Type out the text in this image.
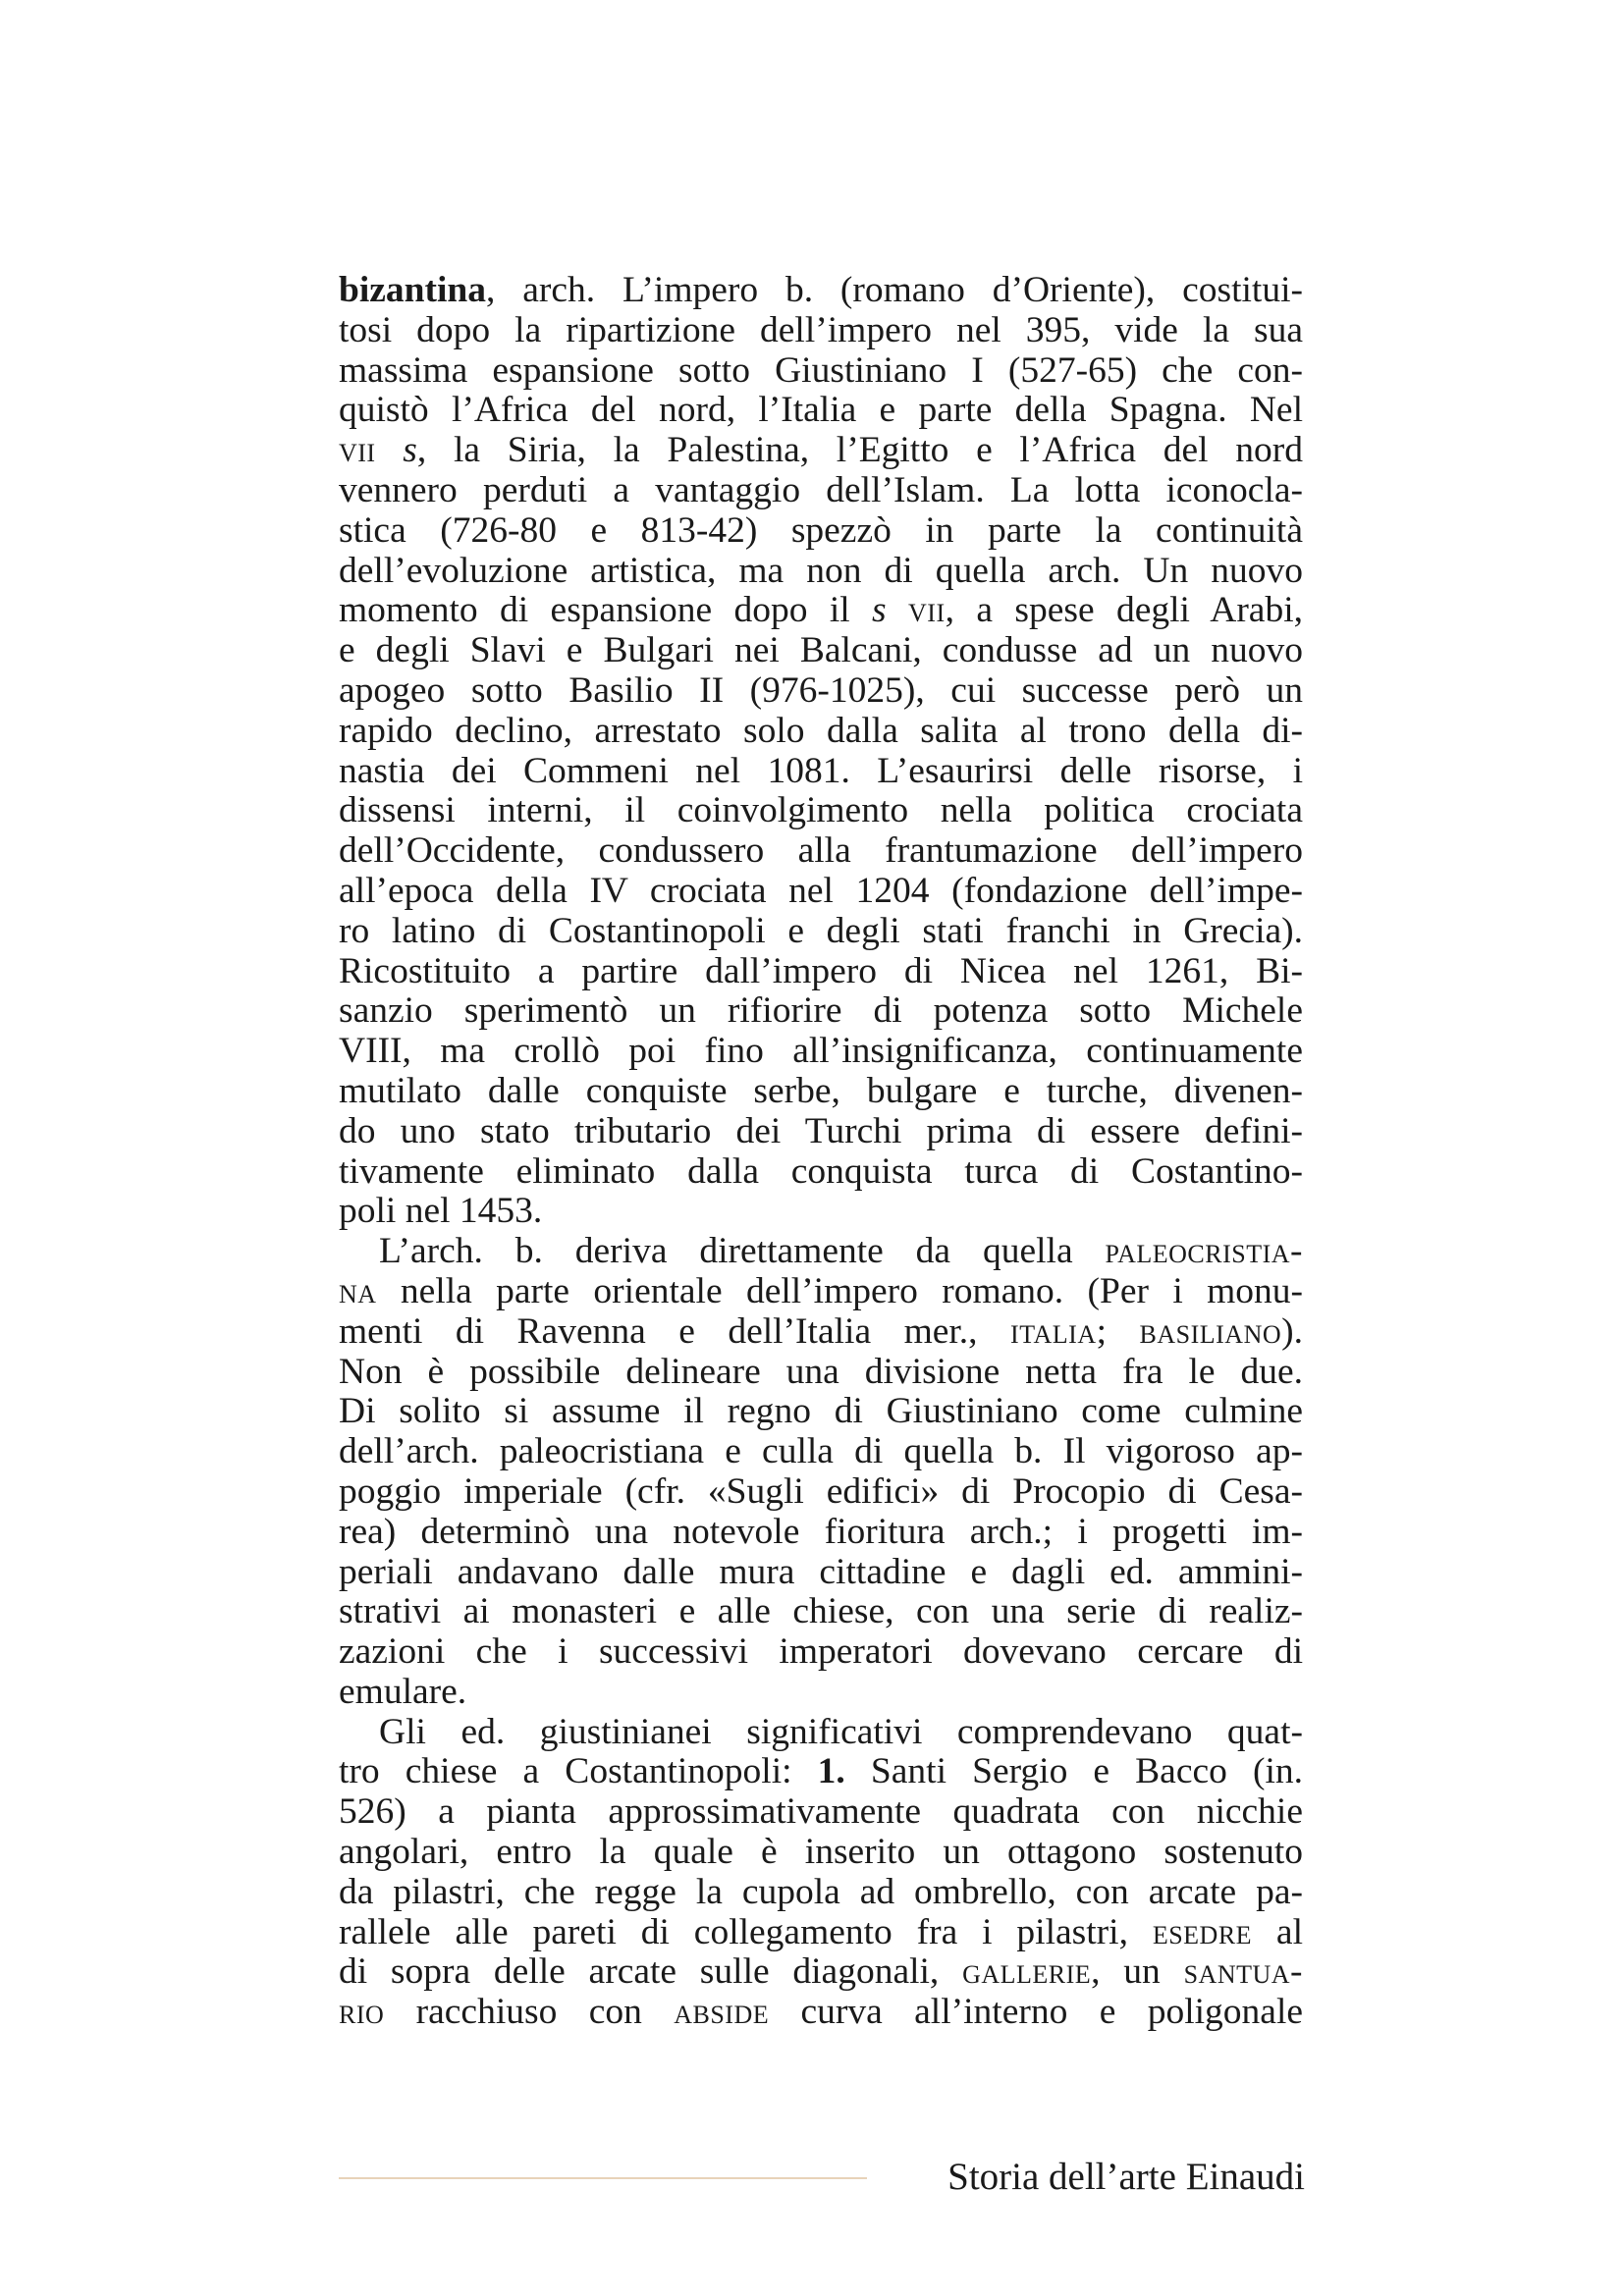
bizantina, arch. L’impero b. (romano d’Oriente), costitui-
tosi dopo la ripartizione dell’impero nel 395, vide la sua
massima espansione sotto Giustiniano I (527-65) che con-
quistò l’Africa del nord, l’Italia e parte della Spagna. Nel
vii s, la Siria, la Palestina, l’Egitto e l’Africa del nord
vennero perduti a vantaggio dell’Islam. La lotta iconocla-
stica (726-80 e 813-42) spezzò in parte la continuità
dell’evoluzione artistica, ma non di quella arch. Un nuovo
momento di espansione dopo il s vii, a spese degli Arabi,
e degli Slavi e Bulgari nei Balcani, condusse ad un nuovo
apogeo sotto Basilio II (976-1025), cui successe però un
rapido declino, arrestato solo dalla salita al trono della di-
nastia dei Commeni nel 1081. L’esaurirsi delle risorse, i
dissensi interni, il coinvolgimento nella politica crociata
dell’Occidente, condussero alla frantumazione dell’impero
all’epoca della IV crociata nel 1204 (fondazione dell’impe-
ro latino di Costantinopoli e degli stati franchi in Grecia).
Ricostituito a partire dall’impero di Nicea nel 1261, Bi-
sanzio sperimentò un rifiorire di potenza sotto Michele
VIII, ma crollò poi fino all’insignificanza, continuamente
mutilato dalle conquiste serbe, bulgare e turche, divenen-
do uno stato tributario dei Turchi prima di essere defini-
tivamente eliminato dalla conquista turca di Costantino-
poli nel 1453.
L’arch. b. deriva direttamente da quella paleocristia-
na nella parte orientale dell’impero romano. (Per i monu-
menti di Ravenna e dell’Italia mer., italia; basiliano).
Non è possibile delineare una divisione netta fra le due.
Di solito si assume il regno di Giustiniano come culmine
dell’arch. paleocristiana e culla di quella b. Il vigoroso ap-
poggio imperiale (cfr. «Sugli edifici» di Procopio di Cesa-
rea) determinò una notevole fioritura arch.; i progetti im-
periali andavano dalle mura cittadine e dagli ed. ammini-
strativi ai monasteri e alle chiese, con una serie di realiz-
zazioni che i successivi imperatori dovevano cercare di
emulare.
Gli ed. giustinianei significativi comprendevano quat-
tro chiese a Costantinopoli: 1. Santi Sergio e Bacco (in.
526) a pianta approssimativamente quadrata con nicchie
angolari, entro la quale è inserito un ottagono sostenuto
da pilastri, che regge la cupola ad ombrello, con arcate pa-
rallele alle pareti di collegamento fra i pilastri, esedre al
di sopra delle arcate sulle diagonali, gallerie, un santua-
rio racchiuso con abside curva all’interno e poligonale
Storia dell’arte Einaudi
